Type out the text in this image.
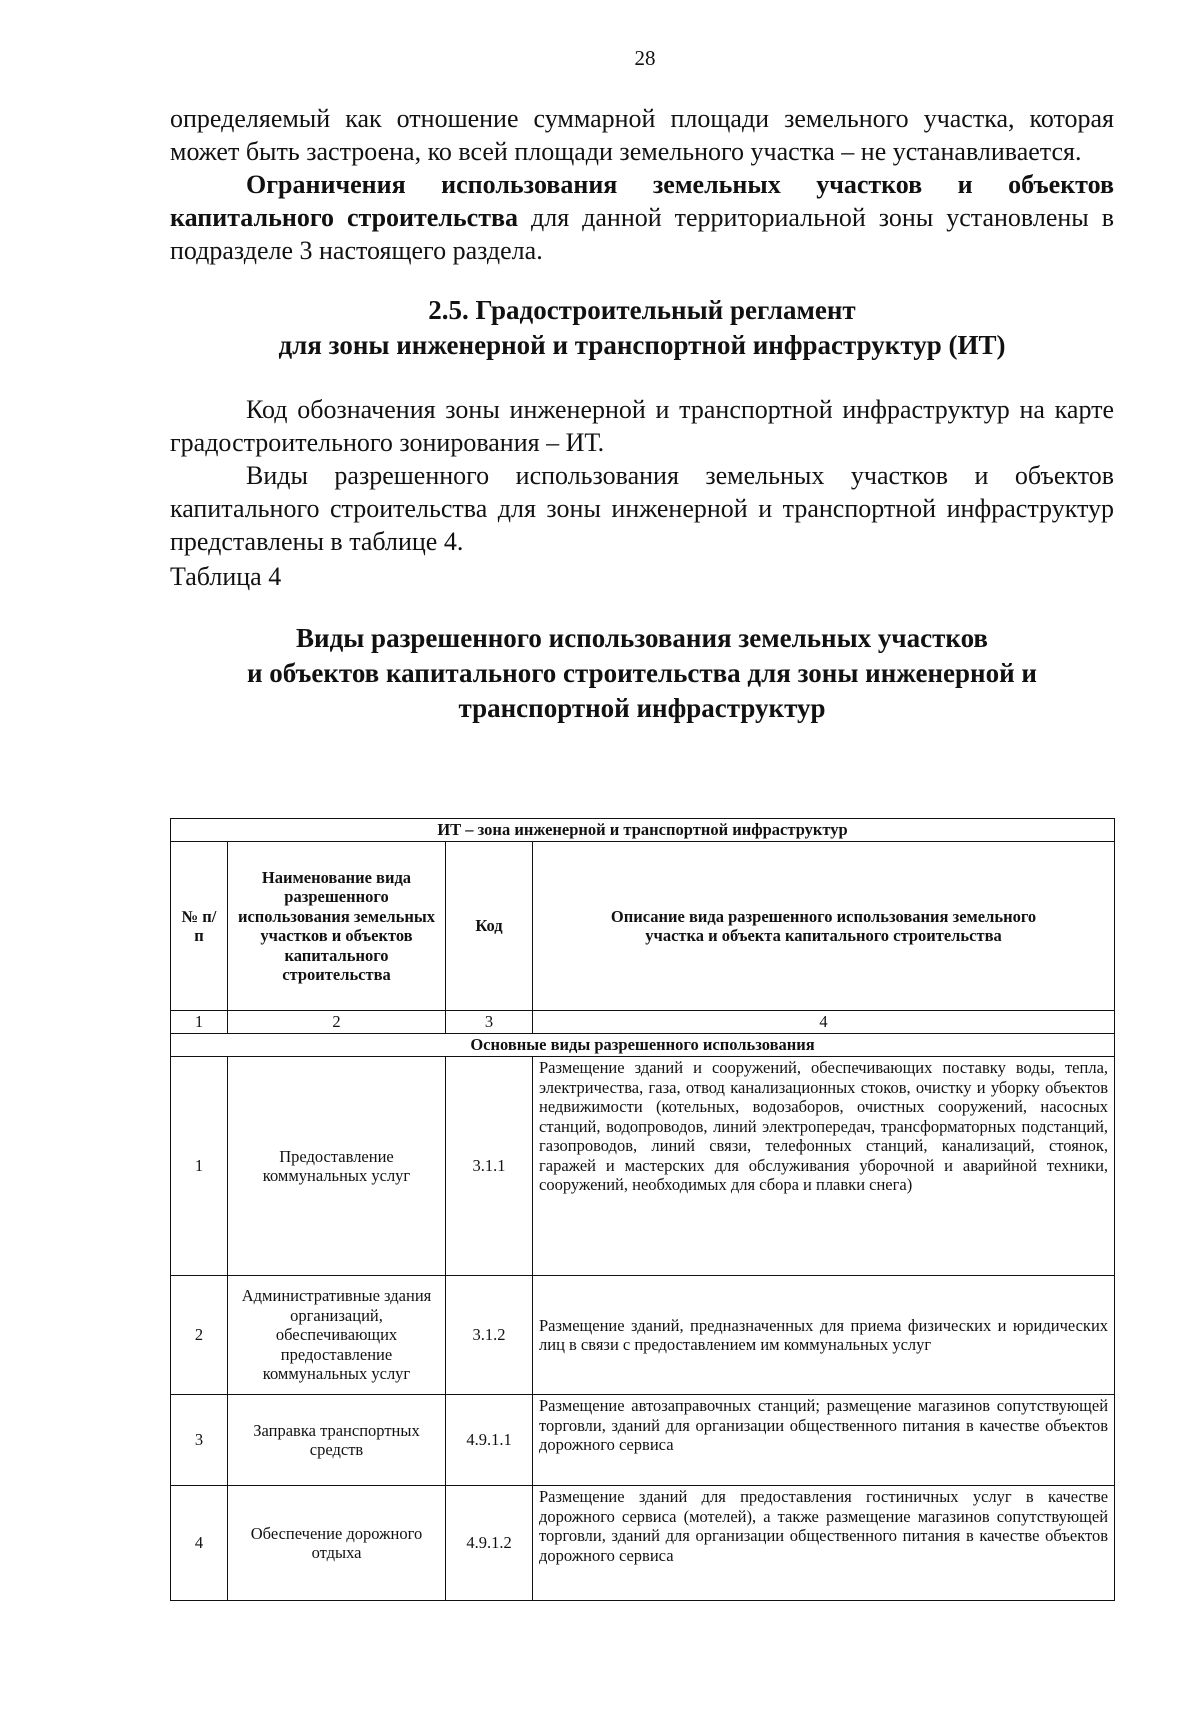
28

определяемый как отношение суммарной площади земельного участка, которая может быть застроена, ко всей площади земельного участка – не устанавливается.

Ограничения использования земельных участков и объектов капитального строительства для данной территориальной зоны установлены в подразделе 3 настоящего раздела.

2.5. Градостроительный регламент
для зоны инженерной и транспортной инфраструктур (ИТ)

Код обозначения зоны инженерной и транспортной инфраструктур на карте градостроительного зонирования – ИТ.

Виды разрешенного использования земельных участков и объектов капитального строительства для зоны инженерной и транспортной инфраструктур представлены в таблице 4.

Таблица 4

Виды разрешенного использования земельных участков
и объектов капитального строительства для зоны инженерной и
транспортной инфраструктур
ИТ – зона инженерной и транспортной инфраструктур			
№ п/п	Наименование вида разрешенного использования земельных участков и объектов капитального строительства	Код	Описание вида разрешенного использования земельного участка и объекта капитального строительства
1	2	3	4
Основные виды разрешенного использования			
1	Предоставление коммунальных услуг	3.1.1	Размещение зданий и сооружений, обеспечивающих поставку воды, тепла, электричества, газа, отвод канализационных стоков, очистку и уборку объектов недвижимости (котельных, водозаборов, очистных сооружений, насосных станций, водопроводов, линий электропередач, трансформаторных подстанций, газопроводов, линий связи, телефонных станций, канализаций, стоянок, гаражей и мастерских для обслуживания уборочной и аварийной техники, сооружений, необходимых для сбора и плавки снега)
2	Административные здания организаций, обеспечивающих предоставление коммунальных услуг	3.1.2	Размещение зданий, предназначенных для приема физических и юридических лиц в связи с предоставлением им коммунальных услуг
3	Заправка транспортных средств	4.9.1.1	Размещение автозаправочных станций; размещение магазинов сопутствующей торговли, зданий для организации общественного питания в качестве объектов дорожного сервиса
4	Обеспечение дорожного отдыха	4.9.1.2	Размещение зданий для предоставления гостиничных услуг в качестве дорожного сервиса (мотелей), а также размещение магазинов сопутствующей торговли, зданий для организации общественного питания в качестве объектов дорожного сервиса
